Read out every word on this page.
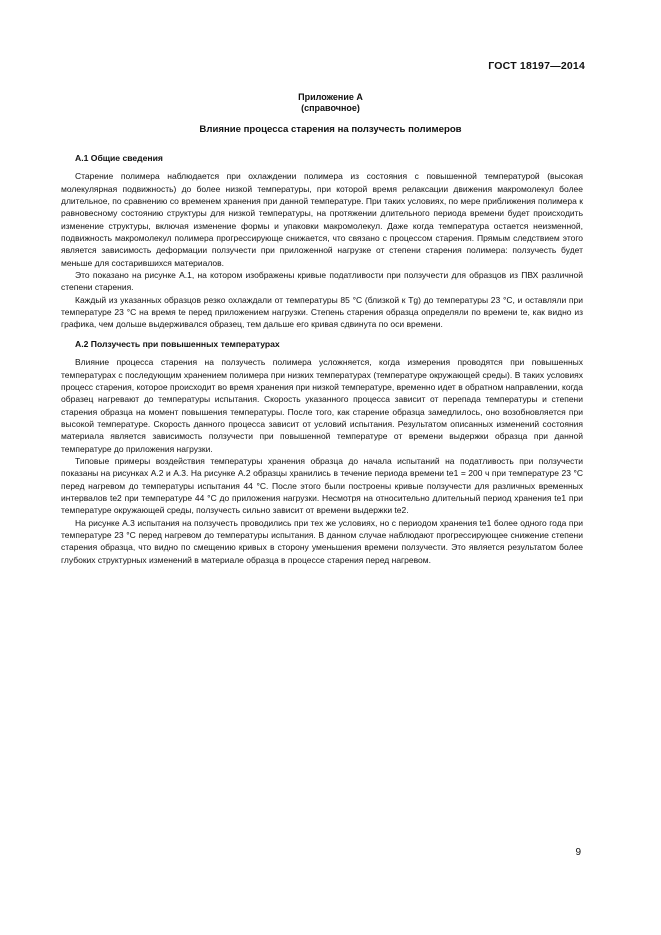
ГОСТ 18197—2014
Приложение А
(справочное)
Влияние процесса старения на ползучесть полимеров
А.1 Общие сведения

Старение полимера наблюдается при охлаждении полимера из состояния с повышенной температурой (высокая молекулярная подвижность) до более низкой температуры, при которой время релаксации движения макромолекул более длительное, по сравнению со временем хранения при данной температуре. При таких условиях, по мере приближения полимера к равновесному состоянию структуры для низкой температуры, на протяжении длительного периода времени будет происходить изменение структуры, включая изменение формы и упаковки макромолекул. Даже когда температура остается неизменной, подвижность макромолекул полимера прогрессирующе снижается, что связано с процессом старения. Прямым следствием этого является зависимость деформации ползучести при приложенной нагрузке от степени старения полимера: ползучесть будет меньше для состарившихся материалов.

Это показано на рисунке А.1, на котором изображены кривые податливости при ползучести для образцов из ПВХ различной степени старения.

Каждый из указанных образцов резко охлаждали от температуры 85 °С (близкой к Tg) до температуры 23 °С, и оставляли при температуре 23 °С на время te перед приложением нагрузки. Степень старения образца определяли по времени te, как видно из графика, чем дольше выдерживался образец, тем дальше его кривая сдвинута по оси времени.

А.2 Ползучесть при повышенных температурах

Влияние процесса старения на ползучесть полимера усложняется, когда измерения проводятся при повышенных температурах с последующим хранением полимера при низких температурах (температуре окружающей среды). В таких условиях процесс старения, которое происходит во время хранения при низкой температуре, временно идет в обратном направлении, когда образец нагревают до температуры испытания. Скорость указанного процесса зависит от перепада температуры и степени старения образца на момент повышения температуры. После того, как старение образца замедлилось, оно возобновляется при высокой температуре. Скорость данного процесса зависит от условий испытания. Результатом описанных изменений состояния материала является зависимость ползучести при повышенной температуре от времени выдержки образца при данной температуре до приложения нагрузки.

Типовые примеры воздействия температуры хранения образца до начала испытаний на податливость при ползучести показаны на рисунках А.2 и А.3. На рисунке А.2 образцы хранились в течение периода времени te1 = 200 ч при температуре 23 °С перед нагревом до температуры испытания 44 °С. После этого были построены кривые ползучести для различных временных интервалов te2 при температуре 44 °С до приложения нагрузки. Несмотря на относительно длительный период хранения te1 при температуре окружающей среды, ползучесть сильно зависит от времени выдержки te2.

На рисунке А.3 испытания на ползучесть проводились при тех же условиях, но с периодом хранения te1 более одного года при температуре 23 °С перед нагревом до температуры испытания. В данном случае наблюдают прогрессирующее снижение степени старения образца, что видно по смещению кривых в сторону уменьшения времени ползучести. Это является результатом более глубоких структурных изменений в материале образца в процессе старения перед нагревом.

9
